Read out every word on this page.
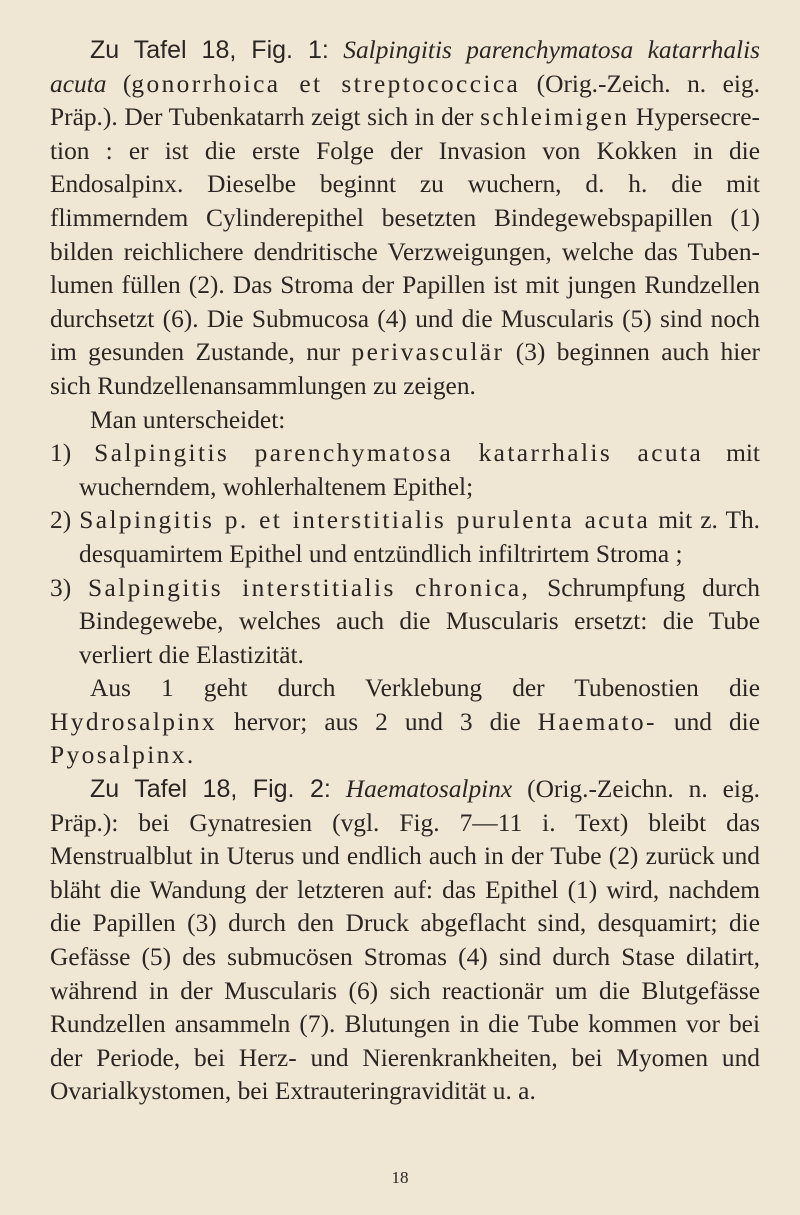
Zu Tafel 18, Fig. 1: Salpingitis parenchymatosa katarrhalis acuta (gonorrhoica et streptococcica (Orig.-Zeich. n. eig. Präp.). Der Tubenkatarrh zeigt sich in der schleimigen Hypersecretion : er ist die erste Folge der Invasion von Kokken in die Endosalpinx. Dieselbe beginnt zu wuchern, d. h. die mit flimmerndem Cylinderepithel besetzten Bindegewebspapillen (1) bilden reichlichere dendritische Verzweigungen, welche das Tubenlumen füllen (2). Das Stroma der Papillen ist mit jungen Rundzellen durchsetzt (6). Die Submucosa (4) und die Muscularis (5) sind noch im gesunden Zustande, nur perivasculär (3) beginnen auch hier sich Rundzellenansammlungen zu zeigen.

Man unterscheidet:

1) Salpingitis parenchymatosa katarrhalis acuta mit wucherndem, wohlerhaltenem Epithel;

2) Salpingitis p. et interstitialis purulenta acuta mit z. Th. desquamirtem Epithel und entzündlich infiltrirtem Stroma ;

3) Salpingitis interstitialis chronica, Schrumpfung durch Bindegewebe, welches auch die Muscularis ersetzt: die Tube verliert die Elastizität.

Aus 1 geht durch Verklebung der Tubenostien die Hydrosalpinx hervor; aus 2 und 3 die Haemato- und die Pyosalpinx.

Zu Tafel 18, Fig. 2: Haematosalpinx (Orig.-Zeichn. n. eig. Präp.): bei Gynatresien (vgl. Fig. 7—11 i. Text) bleibt das Menstrualblut in Uterus und endlich auch in der Tube (2) zurück und bläht die Wandung der letzteren auf: das Epithel (1) wird, nachdem die Papillen (3) durch den Druck abgeflacht sind, desquamirt; die Gefässe (5) des submucösen Stromas (4) sind durch Stase dilatirt, während in der Muscularis (6) sich reactionär um die Blutgefässe Rundzellen ansammeln (7). Blutungen in die Tube kommen vor bei der Periode, bei Herz- und Nierenkrankheiten, bei Myomen und Ovarialkystomen, bei Extrauteringravidität u. a.

18
